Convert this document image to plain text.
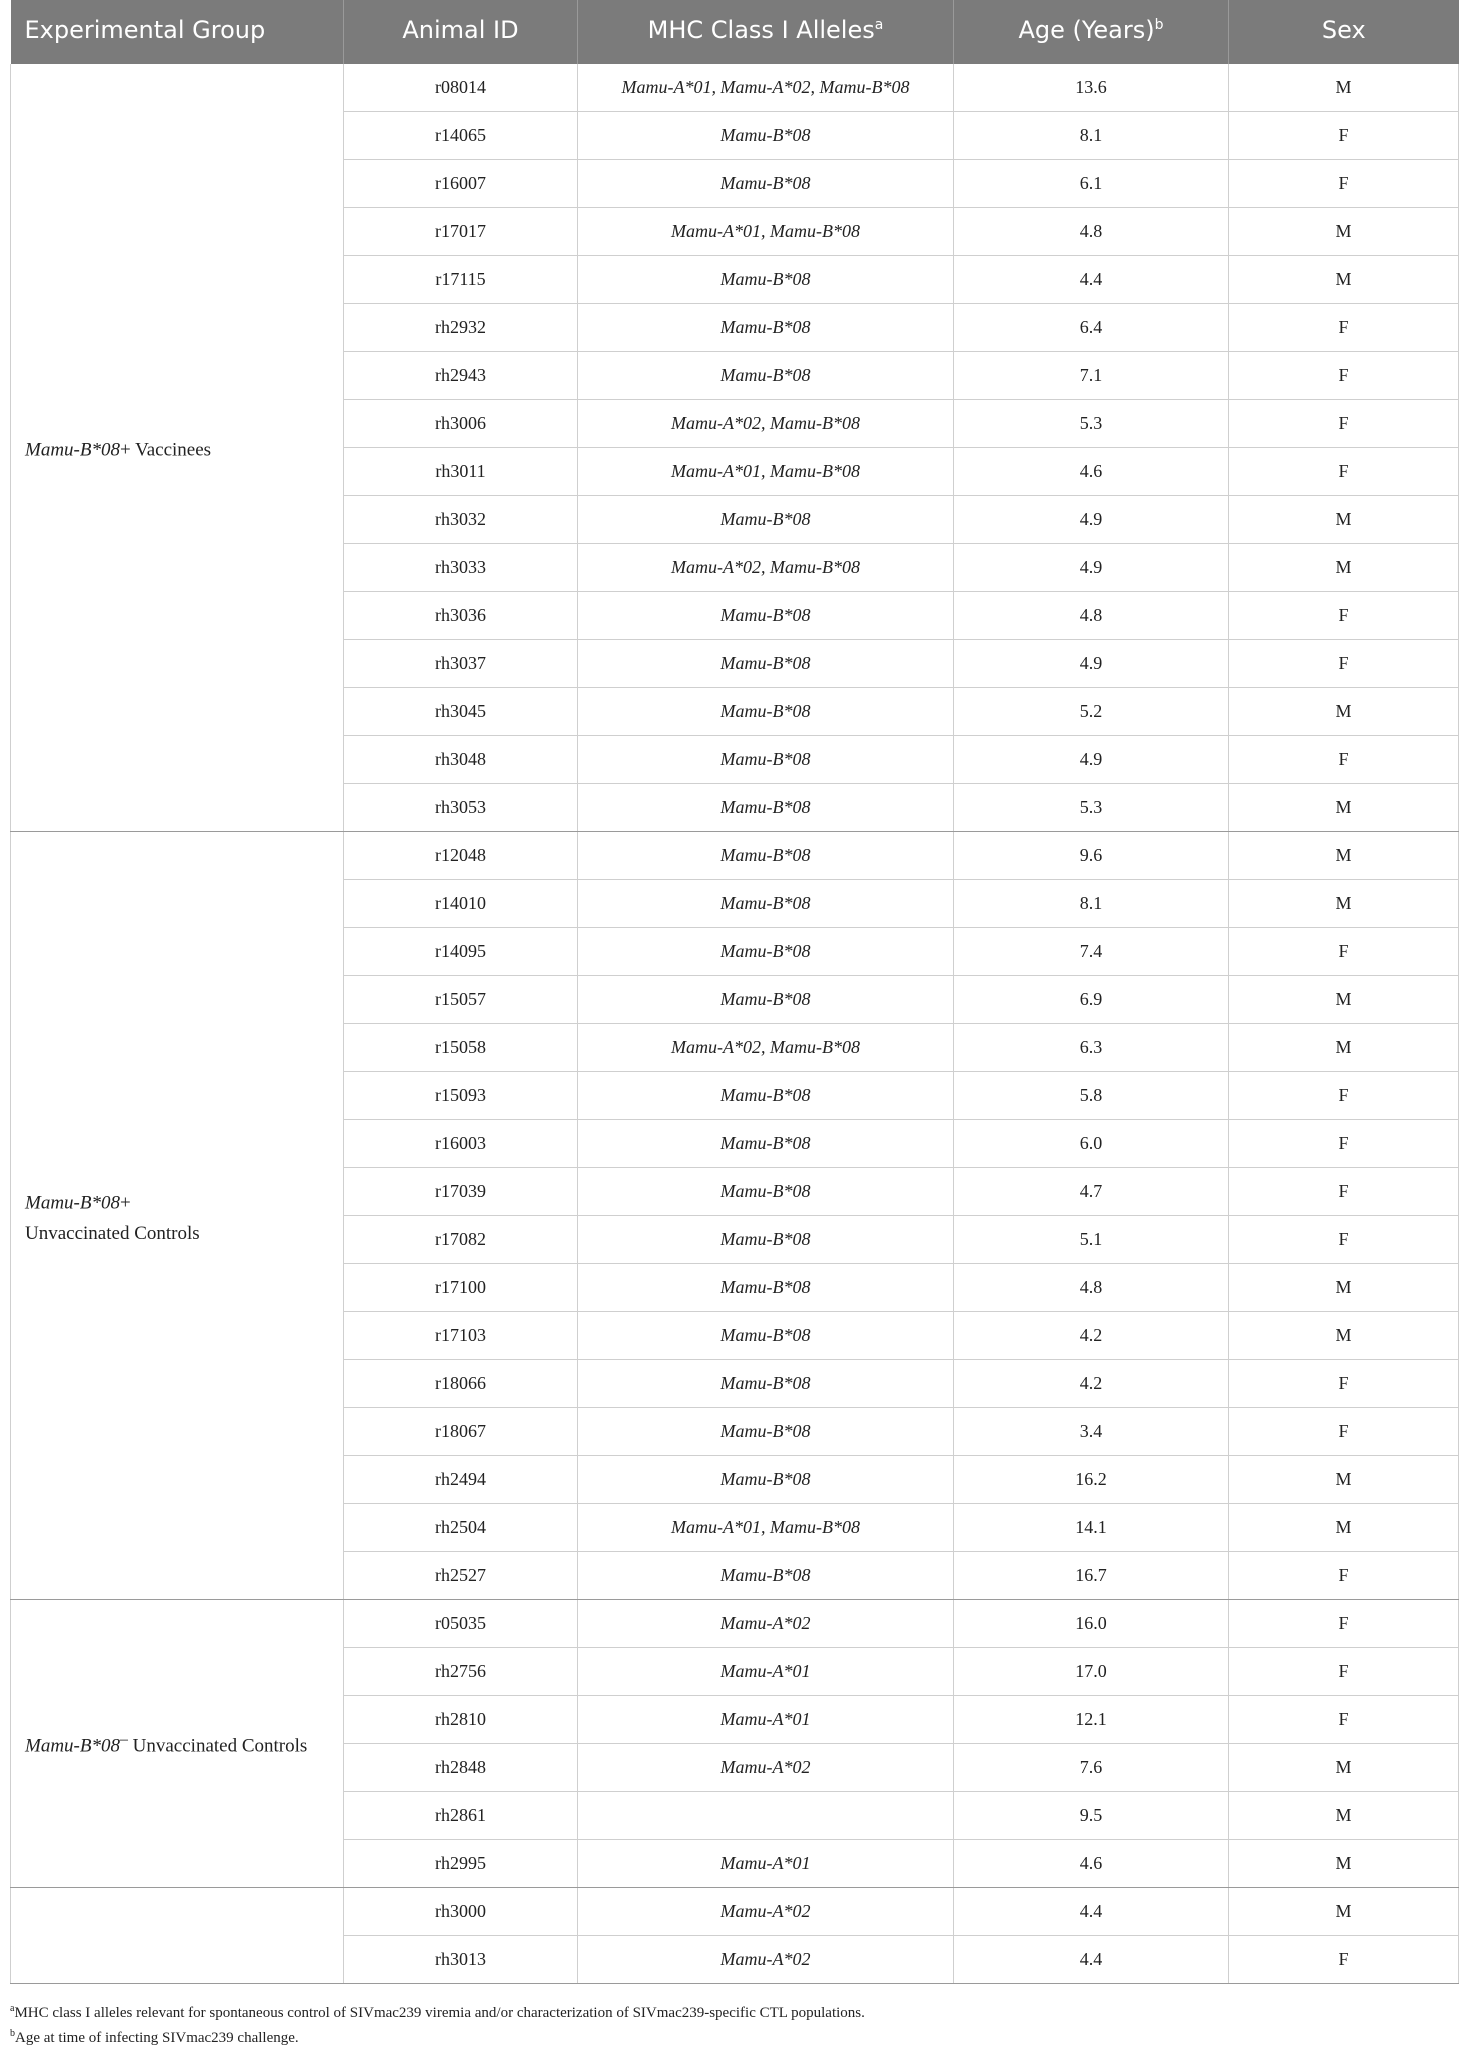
Experimental Group	Animal ID	MHC Class I Alleles$^a$	Age (Years)$^b$	Sex
Mamu-B*08+ Vaccinees	r08014	Mamu-A*01, Mamu-A*02, Mamu-B*08	13.6	M
	r14065	Mamu-B*08	8.1	F
	r16007	Mamu-B*08	6.1	F
	r17017	Mamu-A*01, Mamu-B*08	4.8	M
	r17115	Mamu-B*08	4.4	M
	rh2932	Mamu-B*08	6.4	F
	rh2943	Mamu-B*08	7.1	F
	rh3006	Mamu-A*02, Mamu-B*08	5.3	F
	rh3011	Mamu-A*01, Mamu-B*08	4.6	F
	rh3032	Mamu-B*08	4.9	M
	rh3033	Mamu-A*02, Mamu-B*08	4.9	M
	rh3036	Mamu-B*08	4.8	F
	rh3037	Mamu-B*08	4.9	F
	rh3045	Mamu-B*08	5.2	M
	rh3048	Mamu-B*08	4.9	F
	rh3053	Mamu-B*08	5.3	M
Mamu-B*08+
Unvaccinated Controls	r12048	Mamu-B*08	9.6	M
	r14010	Mamu-B*08	8.1	M
	r14095	Mamu-B*08	7.4	F
	r15057	Mamu-B*08	6.9	M
	r15058	Mamu-A*02, Mamu-B*08	6.3	M
	r15093	Mamu-B*08	5.8	F
	r16003	Mamu-B*08	6.0	F
	r17039	Mamu-B*08	4.7	F
	r17082	Mamu-B*08	5.1	F
	r17100	Mamu-B*08	4.8	M
	r17103	Mamu-B*08	4.2	M
	r18066	Mamu-B*08	4.2	F
	r18067	Mamu-B*08	3.4	F
	rh2494	Mamu-B*08	16.2	M
	rh2504	Mamu-A*01, Mamu-B*08	14.1	M
	rh2527	Mamu-B*08	16.7	F
Mamu-B*08– Unvaccinated Controls	r05035	Mamu-A*02	16.0	F
	rh2756	Mamu-A*01	17.0	F
	rh2810	Mamu-A*01	12.1	F
	rh2848	Mamu-A*02	7.6	M
	rh2861		9.5	M
	rh2995	Mamu-A*01	4.6	M
	rh3000	Mamu-A*02	4.4	M
	rh3013	Mamu-A*02	4.4	F
$^a$MHC class I alleles relevant for spontaneous control of SIVmac239 viremia and/or characterization of SIVmac239-specific CTL populations.
$^b$Age at time of infecting SIVmac239 challenge.
